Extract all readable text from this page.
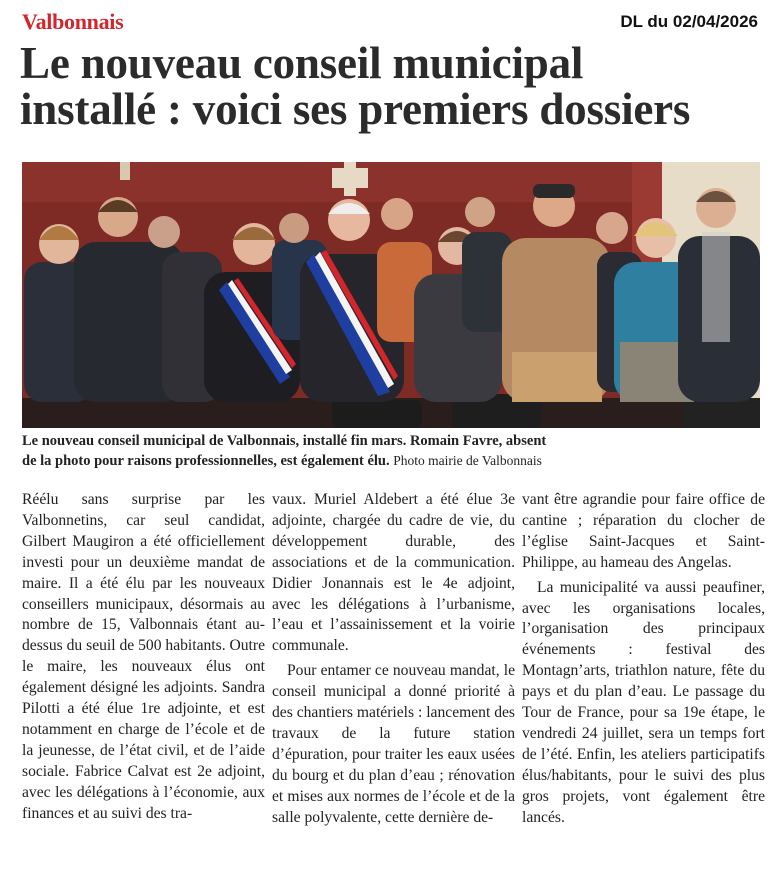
Valbonnais	DL du 02/04/2026
Le nouveau conseil municipal
installé : voici ses premiers dossiers
Le nouveau conseil municipal de Valbonnais, installé fin mars. Romain Favre, absent
de la photo pour raisons professionnelles, est également élu. Photo mairie de Valbonnais

Réélu sans surprise par les Valbonnetins, car seul candidat, Gilbert Maugiron a été officiellement investi pour un deuxième mandat de maire. Il a été élu par les nouveaux conseillers municipaux, désormais au nombre de 15, Valbonnais étant au-dessus du seuil de 500 habitants. Outre le maire, les nouveaux élus ont également désigné les adjoints. Sandra Pilotti a été élue 1re adjointe, et est notamment en charge de l’école et de la jeunesse, de l’état civil, et de l’aide sociale. Fabrice Calvat est 2e adjoint, avec les délégations à l’économie, aux finances et au suivi des tra-

vaux. Muriel Aldebert a été élue 3e adjointe, chargée du cadre de vie, du développement durable, des associations et de la communication. Didier Jonannais est le 4e adjoint, avec les délégations à l’urbanisme, l’eau et l’assainissement et la voirie communale.

Pour entamer ce nouveau mandat, le conseil municipal a donné priorité à des chantiers matériels : lancement des travaux de la future station d’épuration, pour traiter les eaux usées du bourg et du plan d’eau ; rénovation et mises aux normes de l’école et de la salle polyvalente, cette dernière de-

vant être agrandie pour faire office de cantine ; réparation du clocher de l’église Saint-Jacques et Saint-Philippe, au hameau des Angelas.

La municipalité va aussi peaufiner, avec les organisations locales, l’organisation des principaux événements : festival des Montagn’arts, triathlon nature, fête du pays et du plan d’eau. Le passage du Tour de France, pour sa 19e étape, le vendredi 24 juillet, sera un temps fort de l’été. Enfin, les ateliers participatifs élus/habitants, pour le suivi des plus gros projets, vont également être lancés.
